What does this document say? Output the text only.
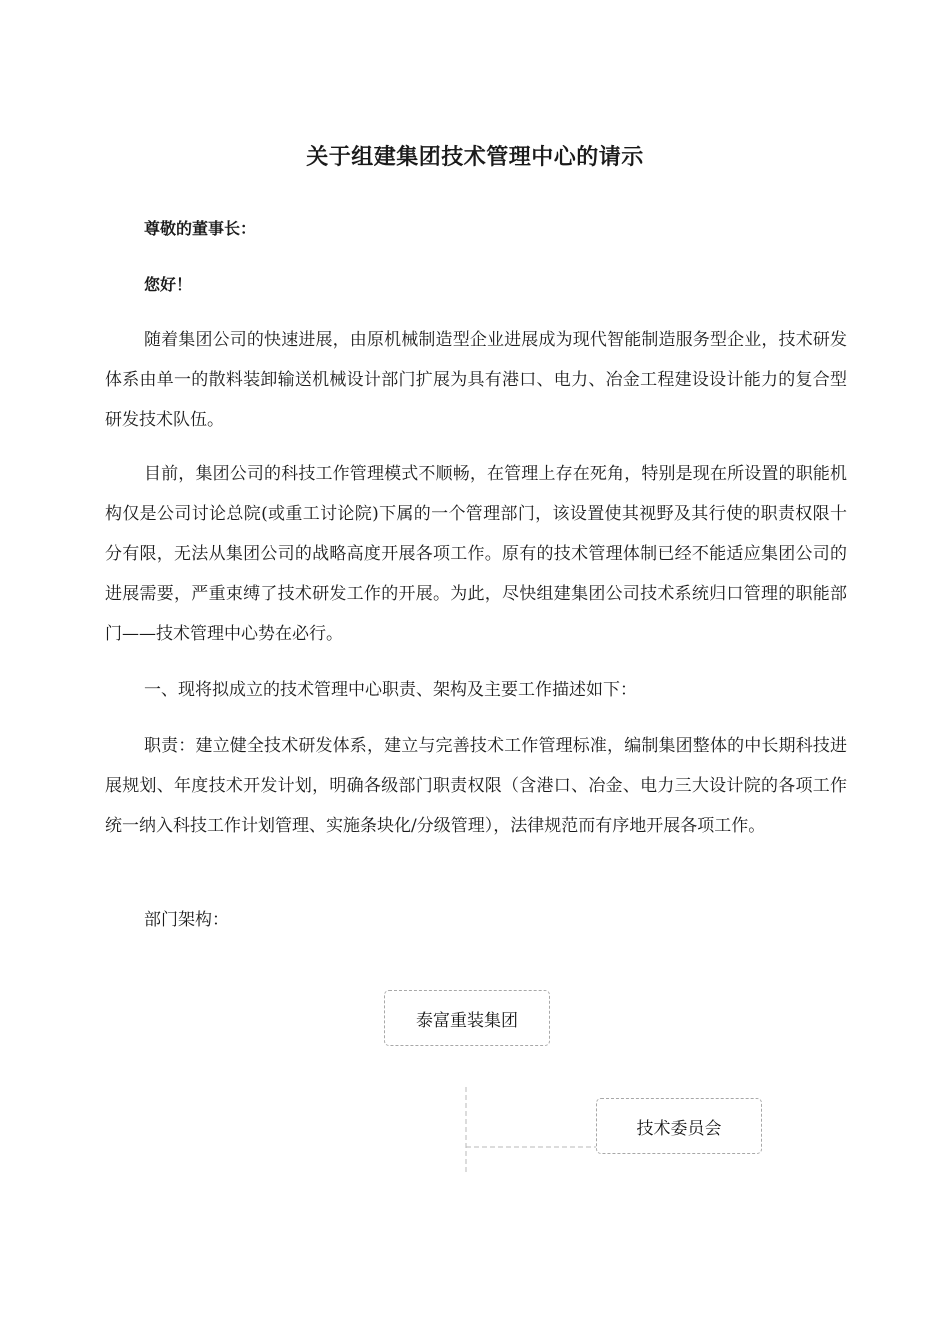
关于组建集团技术管理中心的请示

尊敬的董事长：

您好！

随着集团公司的快速进展，由原机械制造型企业进展成为现代智能制造服务型企业，技术研发体系由单一的散料装卸输送机械设计部门扩展为具有港口、电力、冶金工程建设设计能力的复合型研发技术队伍。

目前，集团公司的科技工作管理模式不顺畅，在管理上存在死角，特别是现在所设置的职能机构仅是公司讨论总院(或重工讨论院)下属的一个管理部门，该设置使其视野及其行使的职责权限十分有限，无法从集团公司的战略高度开展各项工作。原有的技术管理体制已经不能适应集团公司的进展需要，严重束缚了技术研发工作的开展。为此，尽快组建集团公司技术系统归口管理的职能部门——技术管理中心势在必行。

一、现将拟成立的技术管理中心职责、架构及主要工作描述如下：

职责：建立健全技术研发体系，建立与完善技术工作管理标准，编制集团整体的中长期科技进展规划、年度技术开发计划，明确各级部门职责权限（含港口、冶金、电力三大设计院的各项工作统一纳入科技工作计划管理、实施条块化/分级管理），法律规范而有序地开展各项工作。

部门架构：

泰富重装集团
技术委员会
